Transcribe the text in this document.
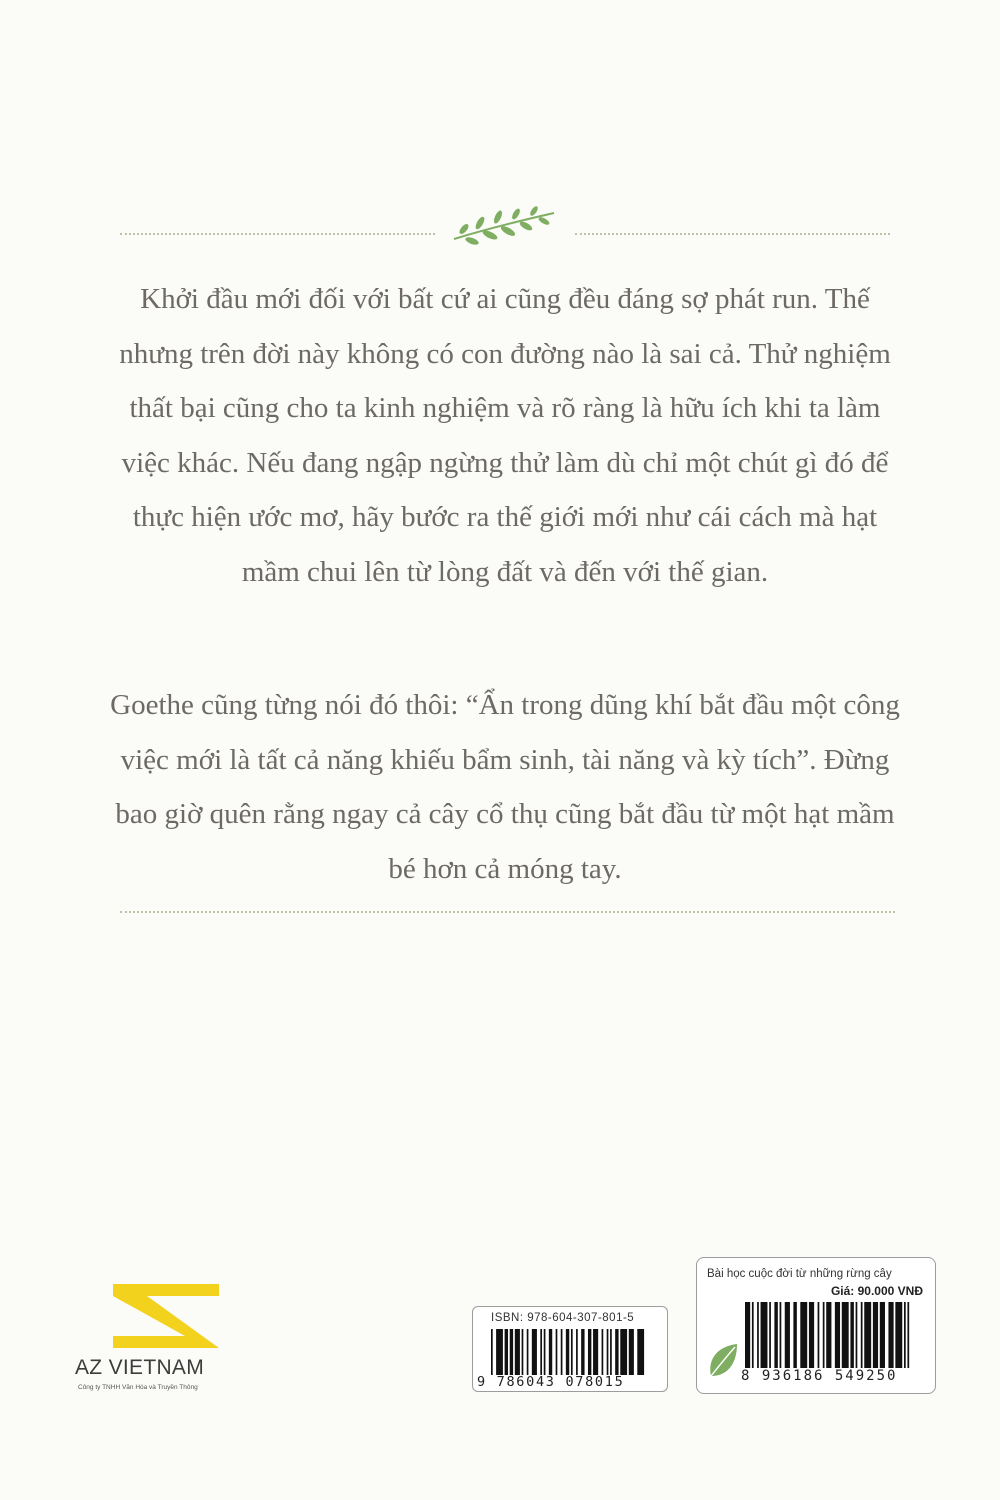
Khởi đầu mới đối với bất cứ ai cũng đều đáng sợ phát run. Thế nhưng trên đời này không có con đường nào là sai cả. Thử nghiệm thất bại cũng cho ta kinh nghiệm và rõ ràng là hữu ích khi ta làm việc khác. Nếu đang ngập ngừng thử làm dù chỉ một chút gì đó để thực hiện ước mơ, hãy bước ra thế giới mới như cái cách mà hạt mầm chui lên từ lòng đất và đến với thế gian.
Goethe cũng từng nói đó thôi: “Ẩn trong dũng khí bắt đầu một công việc mới là tất cả năng khiếu bẩm sinh, tài năng và kỳ tích”. Đừng bao giờ quên rằng ngay cả cây cổ thụ cũng bắt đầu từ một hạt mầm bé hơn cả móng tay.
AZ VIETNAM
Công ty TNHH Văn Hóa và Truyền Thông
ISBN: 978-604-307-801-5
9 786043 078015
Bài học cuộc đời từ những rừng cây
Giá: 90.000 VNĐ
8 936186 549250
